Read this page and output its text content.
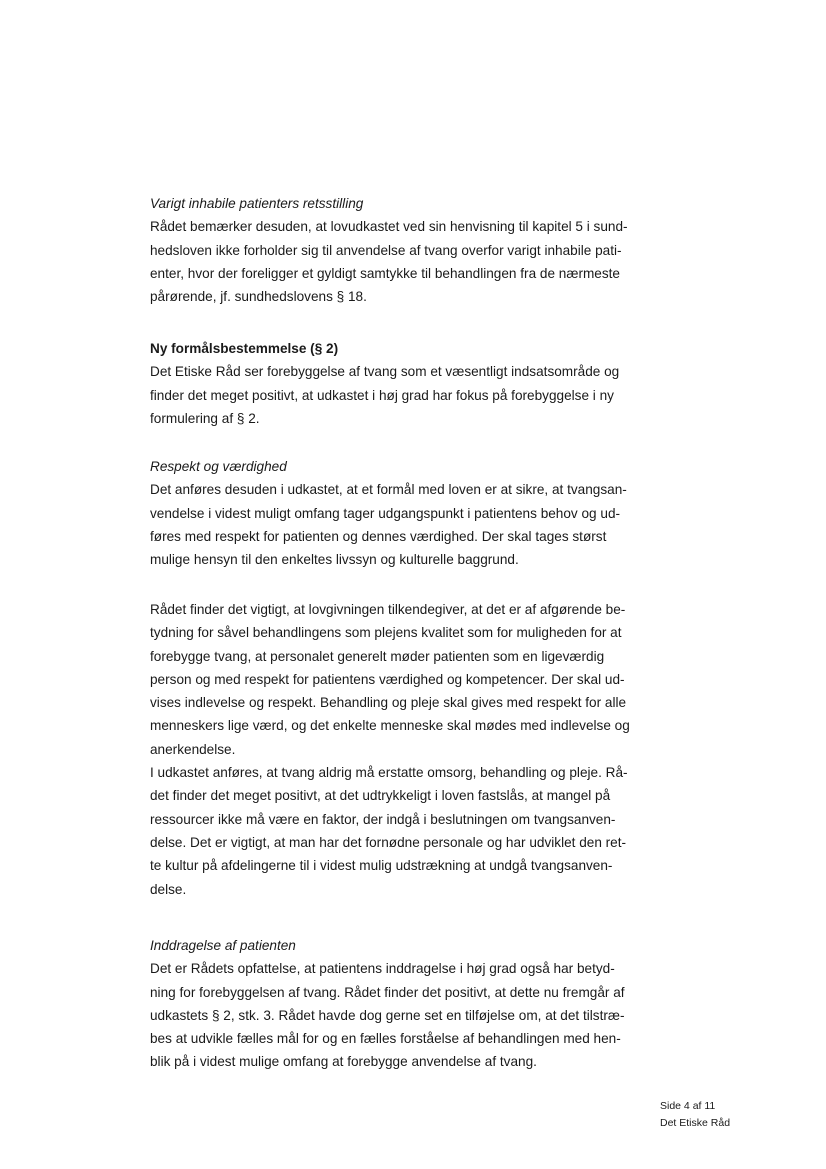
Varigt inhabile patienters retsstilling
Rådet bemærker desuden, at lovudkastet ved sin henvisning til kapitel 5 i sund-
hedsloven ikke forholder sig til anvendelse af tvang overfor varigt inhabile pati-
enter, hvor der foreligger et gyldigt samtykke til behandlingen fra de nærmeste
pårørende, jf. sundhedslovens § 18.
Ny formålsbestemmelse (§ 2)
Det Etiske Råd ser forebyggelse af tvang som et væsentligt indsatsområde og
finder det meget positivt, at udkastet i høj grad har fokus på forebyggelse i ny
formulering af § 2.
Respekt og værdighed
Det anføres desuden i udkastet, at et formål med loven er at sikre, at tvangsan-
vendelse i videst muligt omfang tager udgangspunkt i patientens behov og ud-
føres med respekt for patienten og dennes værdighed. Der skal tages størst
mulige hensyn til den enkeltes livssyn og kulturelle baggrund.
Rådet finder det vigtigt, at lovgivningen tilkendegiver, at det er af afgørende be-
tydning for såvel behandlingens som plejens kvalitet som for muligheden for at
forebygge tvang, at personalet generelt møder patienten som en ligeværdig
person og med respekt for patientens værdighed og kompetencer. Der skal ud-
vises indlevelse og respekt. Behandling og pleje skal gives med respekt for alle
menneskers lige værd, og det enkelte menneske skal mødes med indlevelse og
anerkendelse.
I udkastet anføres, at tvang aldrig må erstatte omsorg, behandling og pleje. Rå-
det finder det meget positivt, at det udtrykkeligt i loven fastslås, at mangel på
ressourcer ikke må være en faktor, der indgå i beslutningen om tvangsanven-
delse. Det er vigtigt, at man har det fornødne personale og har udviklet den ret-
te kultur på afdelingerne til i videst mulig udstrækning at undgå tvangsanven-
delse.
Inddragelse af patienten
Det er Rådets opfattelse, at patientens inddragelse i høj grad også har betyd-
ning for forebyggelsen af tvang. Rådet finder det positivt, at dette nu fremgår af
udkastets § 2, stk. 3. Rådet havde dog gerne set en tilføjelse om, at det tilstræ-
bes at udvikle fælles mål for og en fælles forståelse af behandlingen med hen-
blik på i videst mulige omfang at forebygge anvendelse af tvang.
Side 4 af 11
Det Etiske Råd
